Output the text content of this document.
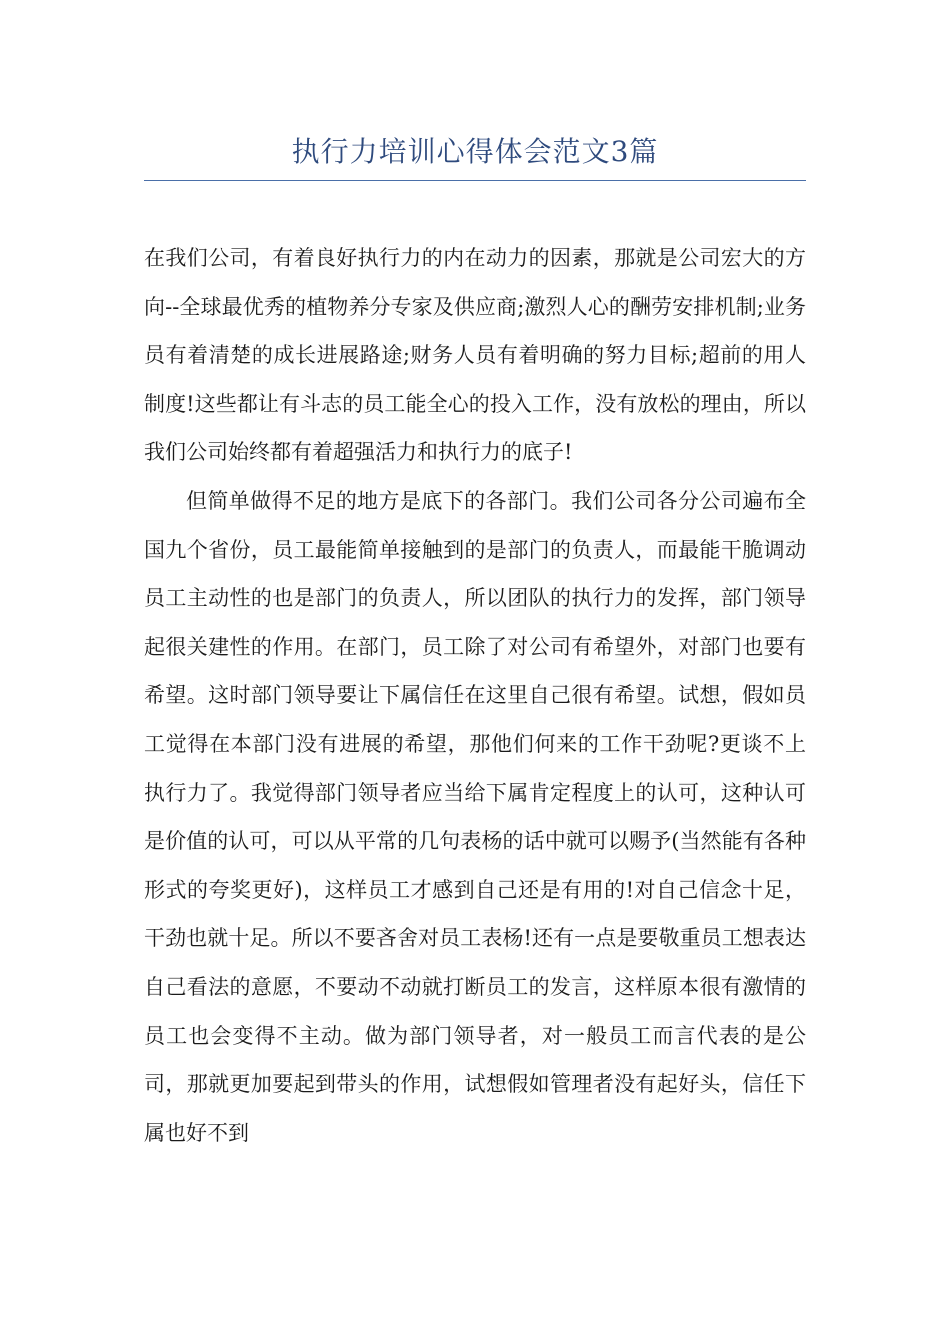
执行力培训心得体会范文3篇

在我们公司，有着良好执行力的内在动力的因素，那就是公司宏大的方向--全球最优秀的植物养分专家及供应商;激烈人心的酬劳安排机制;业务员有着清楚的成长进展路途;财务人员有着明确的努力目标;超前的用人制度!这些都让有斗志的员工能全心的投入工作，没有放松的理由，所以我们公司始终都有着超强活力和执行力的底子!

但简单做得不足的地方是底下的各部门。我们公司各分公司遍布全国九个省份，员工最能简单接触到的是部门的负责人，而最能干脆调动员工主动性的也是部门的负责人，所以团队的执行力的发挥，部门领导起很关建性的作用。在部门，员工除了对公司有希望外，对部门也要有希望。这时部门领导要让下属信任在这里自己很有希望。试想，假如员工觉得在本部门没有进展的希望，那他们何来的工作干劲呢?更谈不上执行力了。我觉得部门领导者应当给下属肯定程度上的认可，这种认可是价值的认可，可以从平常的几句表杨的话中就可以赐予(当然能有各种形式的夸奖更好)，这样员工才感到自己还是有用的!对自己信念十足，干劲也就十足。所以不要吝舍对员工表杨!还有一点是要敬重员工想表达自己看法的意愿，不要动不动就打断员工的发言，这样原本很有激情的员工也会变得不主动。做为部门领导者，对一般员工而言代表的是公司，那就更加要起到带头的作用，试想假如管理者没有起好头，信任下属也好不到
